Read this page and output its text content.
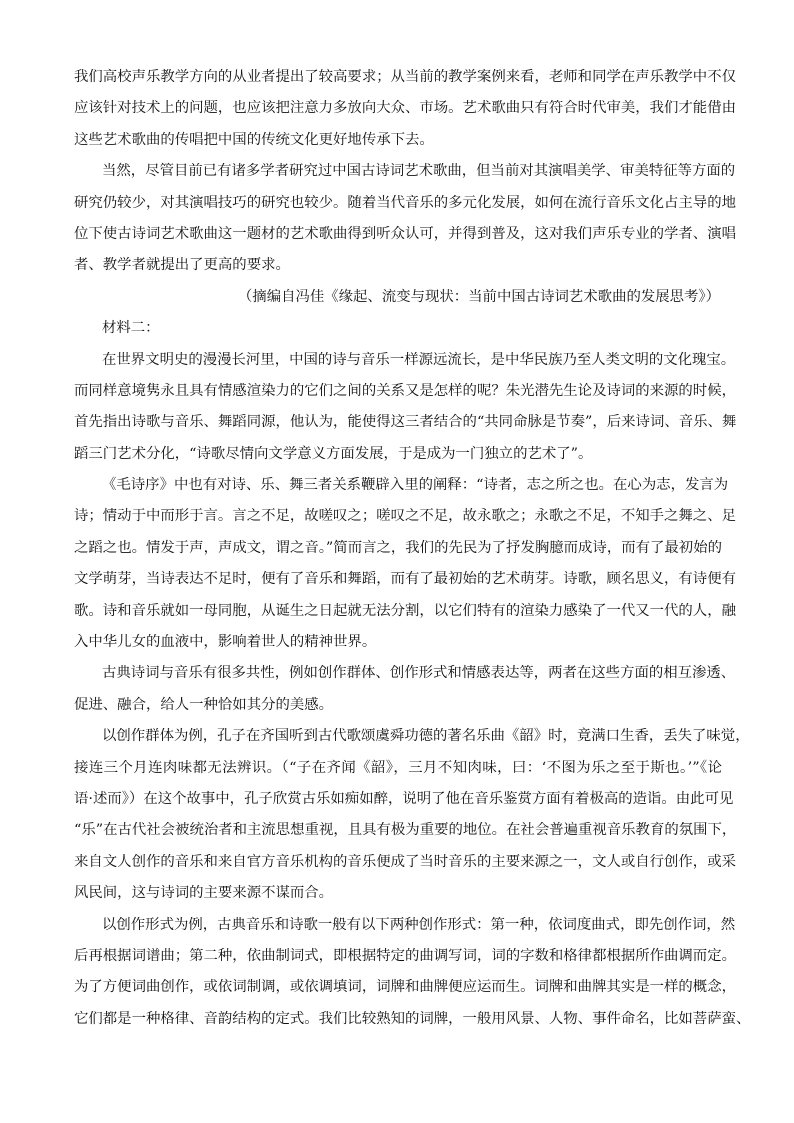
我们高校声乐教学方向的从业者提出了较高要求；从当前的教学案例来看，老师和同学在声乐教学中不仅
应该针对技术上的问题，也应该把注意力多放向大众、市场。艺术歌曲只有符合时代审美，我们才能借由
这些艺术歌曲的传唱把中国的传统文化更好地传承下去。
当然，尽管目前已有诸多学者研究过中国古诗词艺术歌曲，但当前对其演唱美学、审美特征等方面的
研究仍较少，对其演唱技巧的研究也较少。随着当代音乐的多元化发展，如何在流行音乐文化占主导的地
位下使古诗词艺术歌曲这一题材的艺术歌曲得到听众认可，并得到普及，这对我们声乐专业的学者、演唱
者、教学者就提出了更高的要求。
（摘编自冯佳《缘起、流变与现状：当前中国古诗词艺术歌曲的发展思考》）
材料二：
在世界文明史的漫漫长河里，中国的诗与音乐一样源远流长，是中华民族乃至人类文明的文化瑰宝。
而同样意境隽永且具有情感渲染力的它们之间的关系又是怎样的呢？朱光潜先生论及诗词的来源的时候，
首先指出诗歌与音乐、舞蹈同源，他认为，能使得这三者结合的“共同命脉是节奏”，后来诗词、音乐、舞
蹈三门艺术分化，“诗歌尽情向文学意义方面发展，于是成为一门独立的艺术了”。
《毛诗序》中也有对诗、乐、舞三者关系鞭辟入里的阐释：“诗者，志之所之也。在心为志，发言为
诗；情动于中而形于言。言之不足，故嗟叹之；嗟叹之不足，故永歌之；永歌之不足，不知手之舞之、足
之蹈之也。情发于声，声成文，谓之音。”简而言之，我们的先民为了抒发胸臆而成诗，而有了最初始的
文学萌芽，当诗表达不足时，便有了音乐和舞蹈，而有了最初始的艺术萌芽。诗歌，顾名思义，有诗便有
歌。诗和音乐就如一母同胞，从诞生之日起就无法分割，以它们特有的渲染力感染了一代又一代的人，融
入中华儿女的血液中，影响着世人的精神世界。
古典诗词与音乐有很多共性，例如创作群体、创作形式和情感表达等，两者在这些方面的相互渗透、
促进、融合，给人一种恰如其分的美感。
以创作群体为例，孔子在齐国听到古代歌颂虞舜功德的著名乐曲《韶》时，竟满口生香，丢失了味觉，
接连三个月连肉味都无法辨识。（“子在齐闻《韶》，三月不知肉味，曰：‘不图为乐之至于斯也。’”《论
语·述而》）在这个故事中，孔子欣赏古乐如痴如醉，说明了他在音乐鉴赏方面有着极高的造诣。由此可见
“乐”在古代社会被统治者和主流思想重视，且具有极为重要的地位。在社会普遍重视音乐教育的氛围下，
来自文人创作的音乐和来自官方音乐机构的音乐便成了当时音乐的主要来源之一，文人或自行创作，或采
风民间，这与诗词的主要来源不谋而合。
以创作形式为例，古典音乐和诗歌一般有以下两种创作形式：第一种，依词度曲式，即先创作词，然
后再根据词谱曲；第二种，依曲制词式，即根据特定的曲调写词，词的字数和格律都根据所作曲调而定。
为了方便词曲创作，或依词制调，或依调填词，词牌和曲牌便应运而生。词牌和曲牌其实是一样的概念，
它们都是一种格律、音韵结构的定式。我们比较熟知的词牌，一般用风景、人物、事件命名，比如菩萨蛮、
